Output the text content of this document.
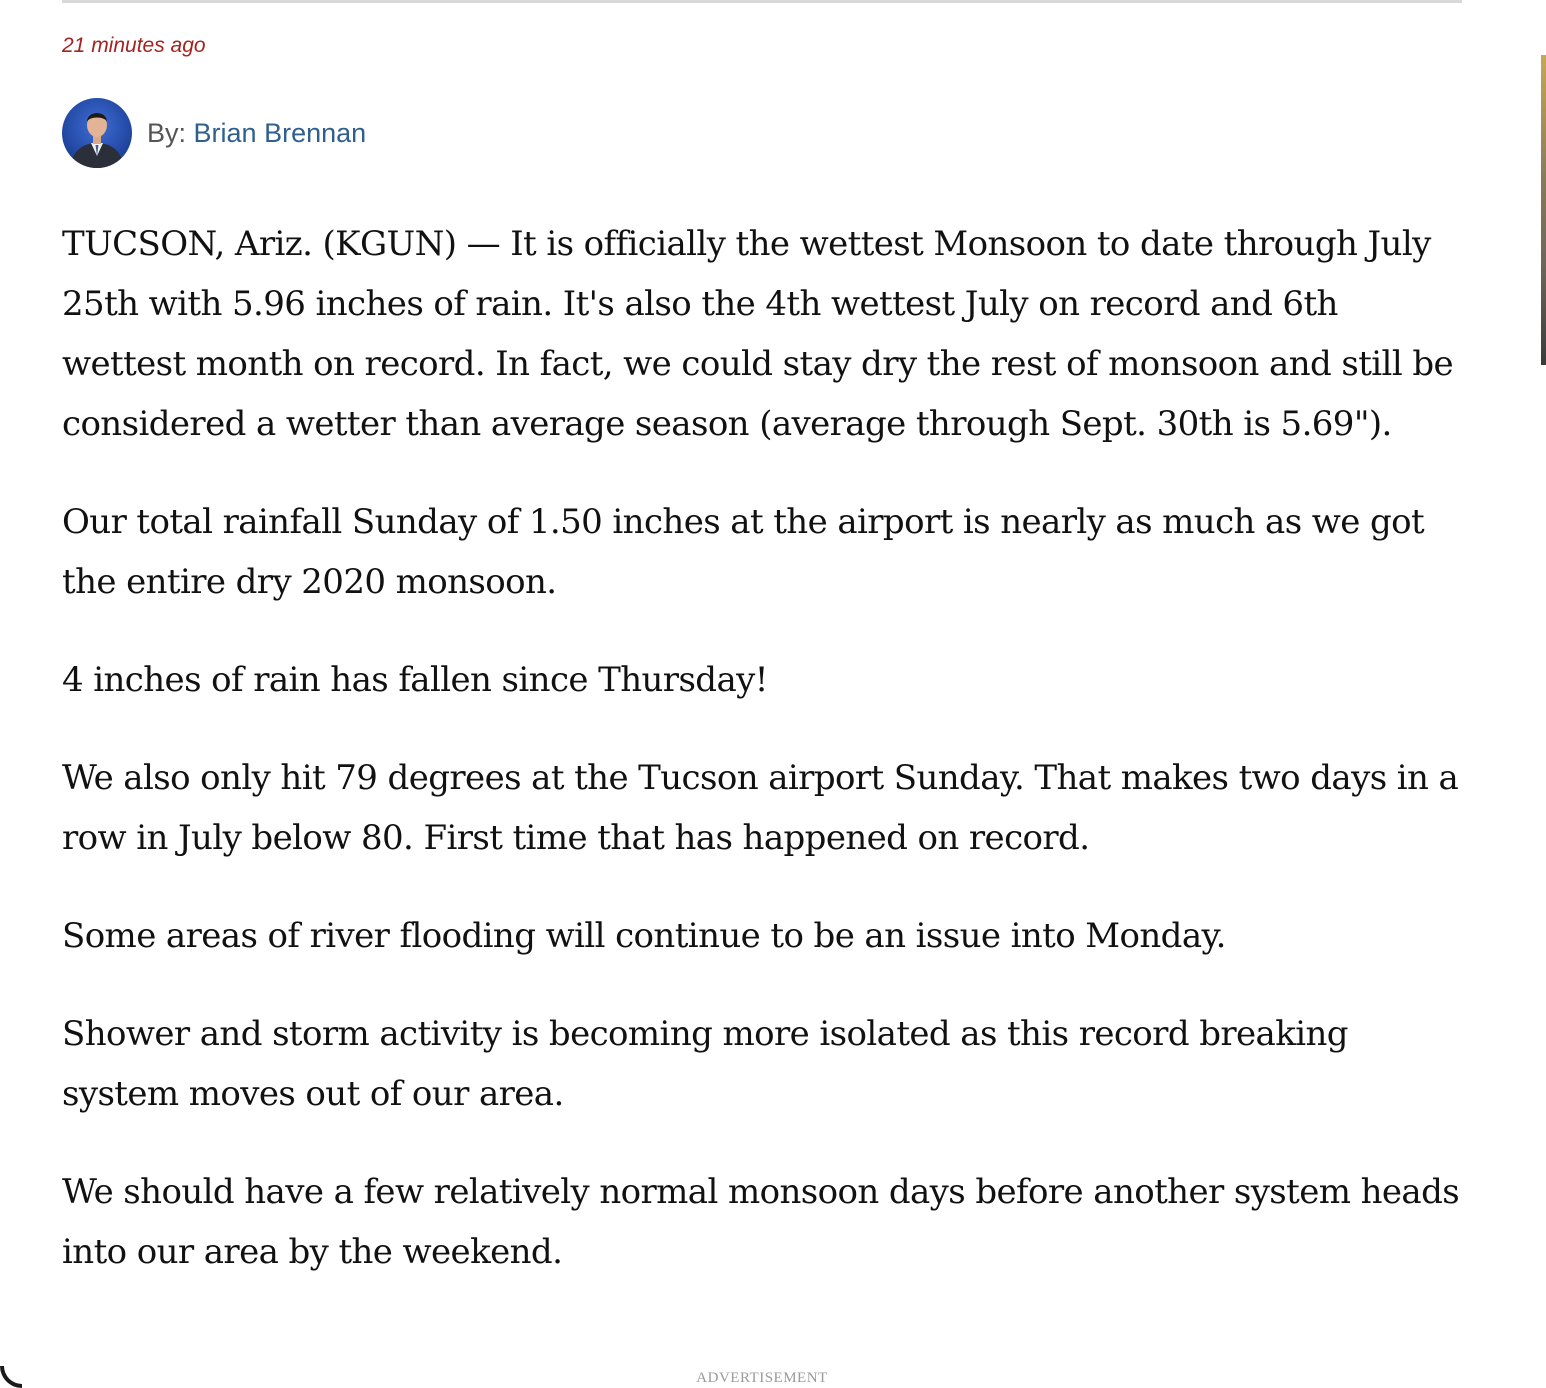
21 minutes ago
By: Brian Brennan

TUCSON, Ariz. (KGUN) — It is officially the wettest Monsoon to date through July 25th with 5.96 inches of rain. It's also the 4th wettest July on record and 6th wettest month on record. In fact, we could stay dry the rest of monsoon and still be considered a wetter than average season (average through Sept. 30th is 5.69").

Our total rainfall Sunday of 1.50 inches at the airport is nearly as much as we got the entire dry 2020 monsoon.

4 inches of rain has fallen since Thursday!

We also only hit 79 degrees at the Tucson airport Sunday. That makes two days in a row in July below 80. First time that has happened on record.

Some areas of river flooding will continue to be an issue into Monday.

Shower and storm activity is becoming more isolated as this record breaking system moves out of our area.

We should have a few relatively normal monsoon days before another system heads into our area by the weekend.

ADVERTISEMENT
